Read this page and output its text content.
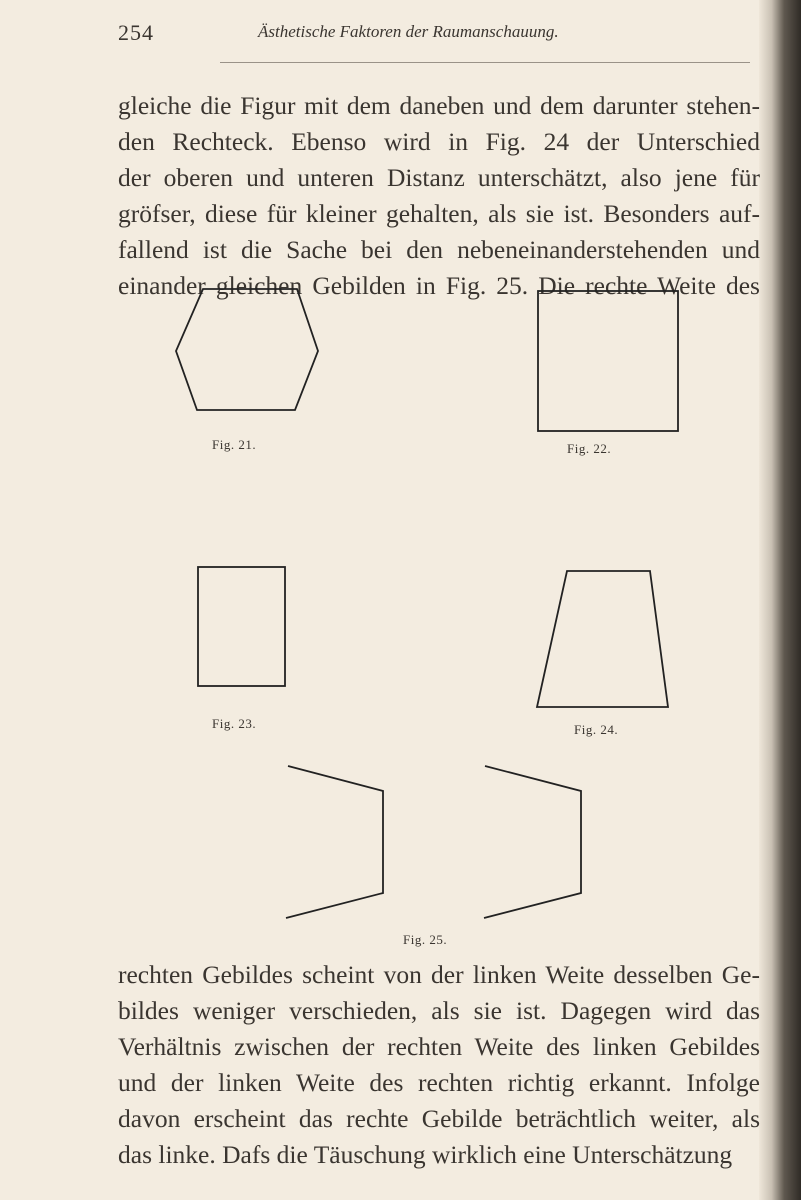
254	Ästhetische Faktoren der Raumanschauung.
gleiche die Figur mit dem daneben und dem darunter stehen-
den Rechteck. Ebenso wird in Fig. 24 der Unterschied
der oberen und unteren Distanz unterschätzt, also jene für
gröfser, diese für kleiner gehalten, als sie ist. Besonders auf-
fallend ist die Sache bei den nebeneinanderstehenden und
einander gleichen Gebilden in Fig. 25. Die rechte Weite des
Fig. 21.	Fig. 22.
Fig. 23.	Fig. 24.
Fig. 25.
rechten Gebildes scheint von der linken Weite desselben Ge-
bildes weniger verschieden, als sie ist. Dagegen wird das
Verhältnis zwischen der rechten Weite des linken Gebildes
und der linken Weite des rechten richtig erkannt. Infolge
davon erscheint das rechte Gebilde beträchtlich weiter, als
das linke. Dafs die Täuschung wirklich eine Unterschätzung
